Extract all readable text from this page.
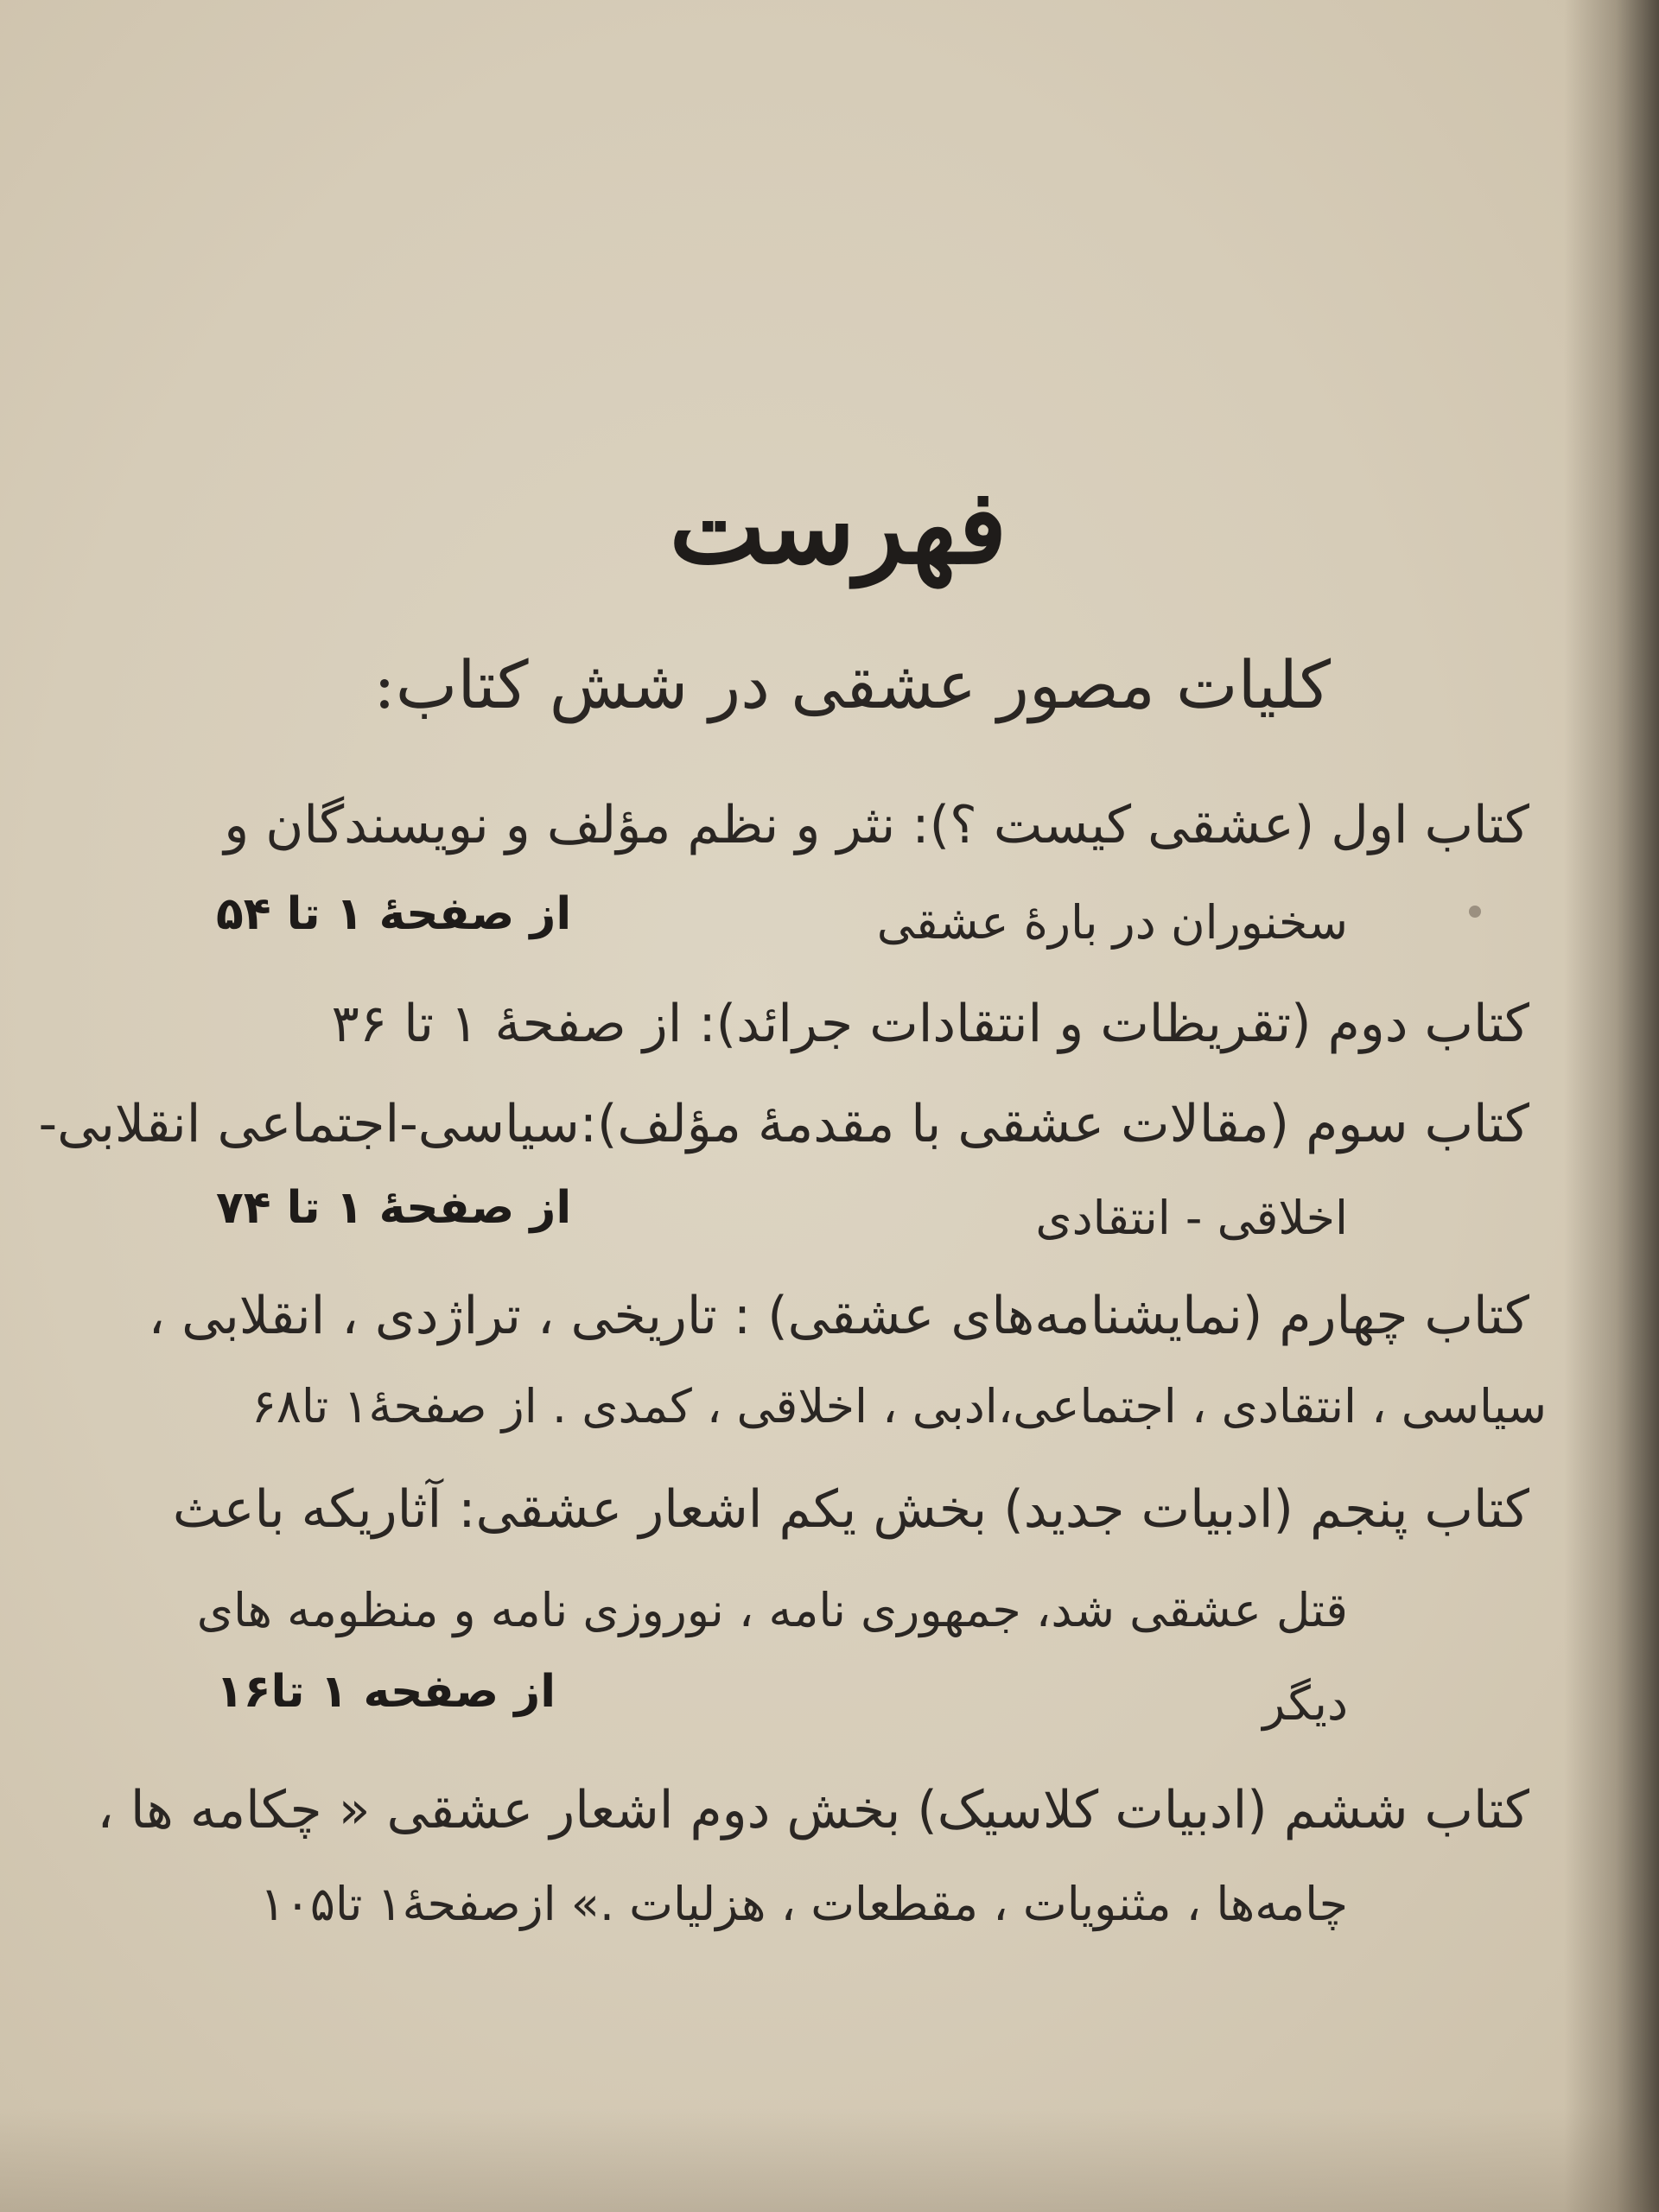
فهرست
کلیات مصور عشقی در شش کتاب:
کتاب اول (عشقی کیست ؟): نثر و نظم مؤلف و نویسندگان و
سخنوران در بارهٔ عشقی
از صفحهٔ ۱ تا ۵۴
کتاب دوم (تقریظات و انتقادات جرائد): از صفحهٔ ۱ تا ۳۶
کتاب سوم (مقالات عشقی با مقدمهٔ مؤلف):سیاسی-اجتماعی انقلابی-
اخلاقی - انتقادی
از صفحهٔ ۱ تا ۷۴
کتاب چهارم (نمایشنامه‌های عشقی) : تاریخی ، تراژدی ، انقلابی ،
سیاسی ، انتقادی ، اجتماعی،ادبی ، اخلاقی ، کمدی . از صفحهٔ۱ تا۶۸
کتاب پنجم (ادبیات جدید) بخش یکم اشعار عشقی: آثاریکه باعث
قتل عشقی شد، جمهوری نامه ، نوروزی نامه و منظومه های
دیگر
از صفحه ۱ تا۱۶
کتاب ششم (ادبیات کلاسیک) بخش دوم اشعار عشقی « چکامه ها ،
چامه‌ها ، مثنویات ، مقطعات ، هزلیات .» ازصفحهٔ۱ تا۱۰۵
